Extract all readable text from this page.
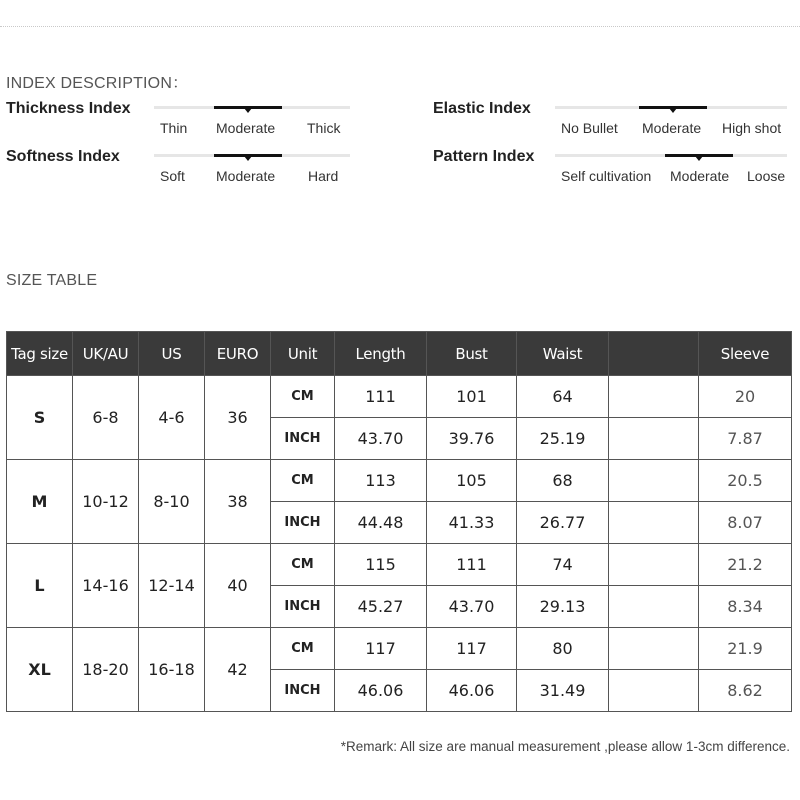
INDEX DESCRIPTION：
Thickness Index
Thin Moderate Thick
Elastic Index
No Bullet Moderate High shot
Softness Index
Soft Moderate Hard
Pattern Index
Self cultivation Moderate Loose
SIZE TABLE
Tag size	UK/AU	US	EURO	Unit	Length	Bust	Waist		Sleeve
S	6-8	4-6	36	CM	111	101	64		20
				INCH	43.70	39.76	25.19		7.87
M	10-12	8-10	38	CM	113	105	68		20.5
				INCH	44.48	41.33	26.77		8.07
L	14-16	12-14	40	CM	115	111	74		21.2
				INCH	45.27	43.70	29.13		8.34
XL	18-20	16-18	42	CM	117	117	80		21.9
				INCH	46.06	46.06	31.49		8.62
*Remark: All size are manual measurement ,please allow 1-3cm difference.
